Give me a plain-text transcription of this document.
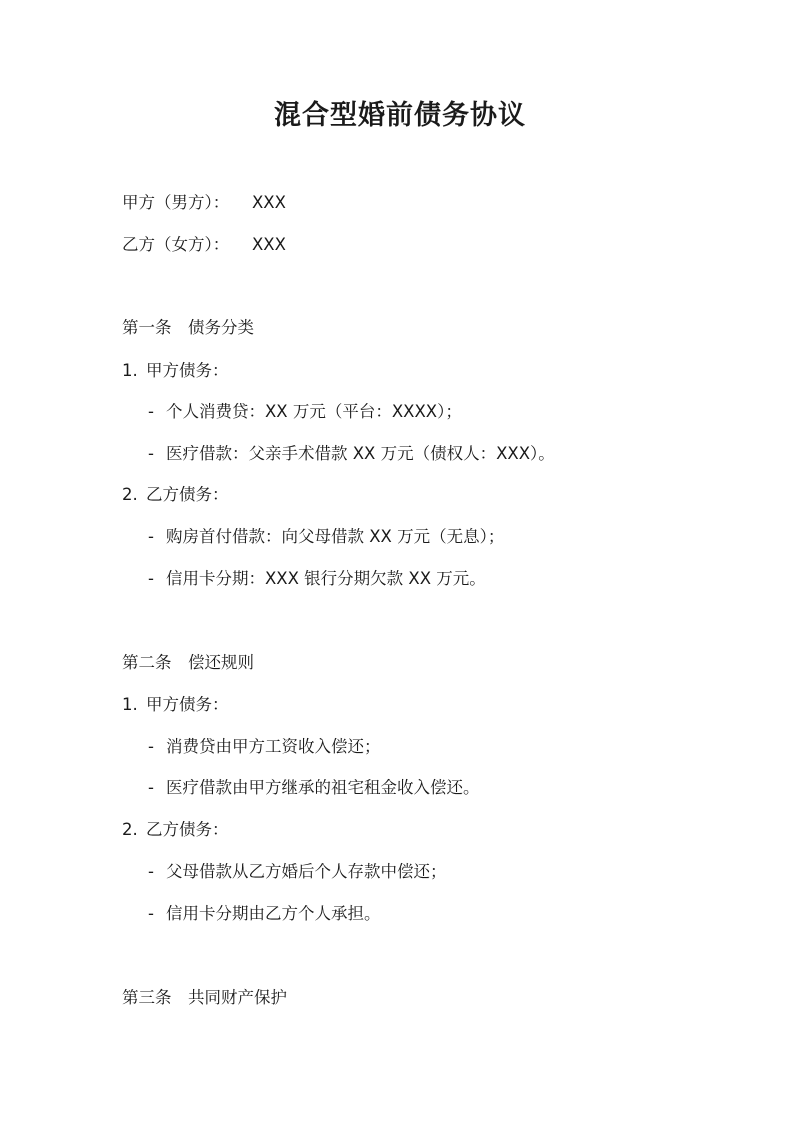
混合型婚前债务协议
甲方（男方）： XXX
乙方（女方）： XXX
第一条 债务分类
1. 甲方债务：
- 个人消费贷：XX 万元（平台：XXXX）；
- 医疗借款：父亲手术借款 XX 万元（债权人：XXX）。
2. 乙方债务：
- 购房首付借款：向父母借款 XX 万元（无息）；
- 信用卡分期：XXX 银行分期欠款 XX 万元。
第二条 偿还规则
1. 甲方债务：
- 消费贷由甲方工资收入偿还；
- 医疗借款由甲方继承的祖宅租金收入偿还。
2. 乙方债务：
- 父母借款从乙方婚后个人存款中偿还；
- 信用卡分期由乙方个人承担。
第三条 共同财产保护
